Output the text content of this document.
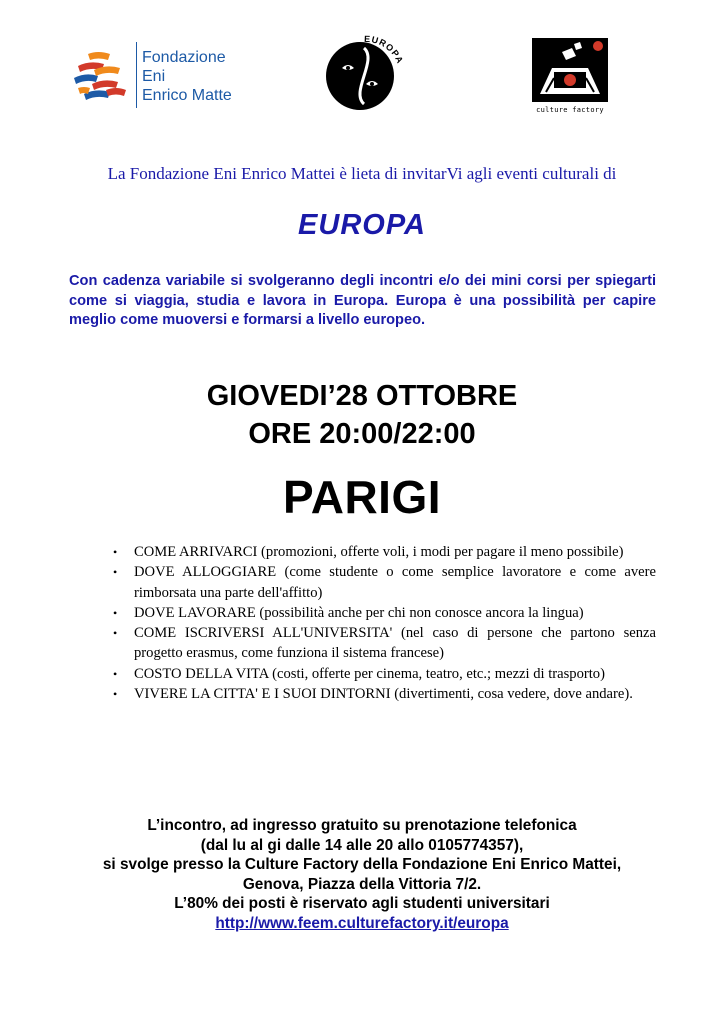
Fondazione
Eni
Enrico Matte
EUROP
culture factory
La Fondazione Eni Enrico Mattei è lieta di invitarVi agli eventi culturali di
EUROPA
Con cadenza variabile si svolgeranno degli incontri e/o dei mini corsi per spiegarti come si viaggia, studia e lavora in Europa. Europa è una possibilità per capire meglio come muoversi e formarsi a livello europeo.
GIOVEDI’28 OTTOBRE
ORE 20:00/22:00
PARIGI
• COME ARRIVARCI (promozioni, offerte voli, i modi per pagare il meno possibile)
• DOVE ALLOGGIARE (come studente o come semplice lavoratore e come avere rimborsata una parte dell'affitto)
• DOVE LAVORARE (possibilità anche per chi non conosce ancora la lingua)
• COME ISCRIVERSI ALL'UNIVERSITA' (nel caso di persone che partono senza progetto erasmus, come funziona il sistema francese)
• COSTO DELLA VITA (costi, offerte per cinema, teatro, etc.; mezzi di trasporto)
• VIVERE LA CITTA' E I SUOI DINTORNI (divertimenti, cosa vedere, dove andare).
L’incontro, ad ingresso gratuito su prenotazione telefonica
(dal lu al gi dalle 14 alle 20 allo 0105774357),
si svolge presso la Culture Factory della Fondazione Eni Enrico Mattei,
Genova, Piazza della Vittoria 7/2.
L’80% dei posti è riservato agli studenti universitari
http://www.feem.culturefactory.it/europa
